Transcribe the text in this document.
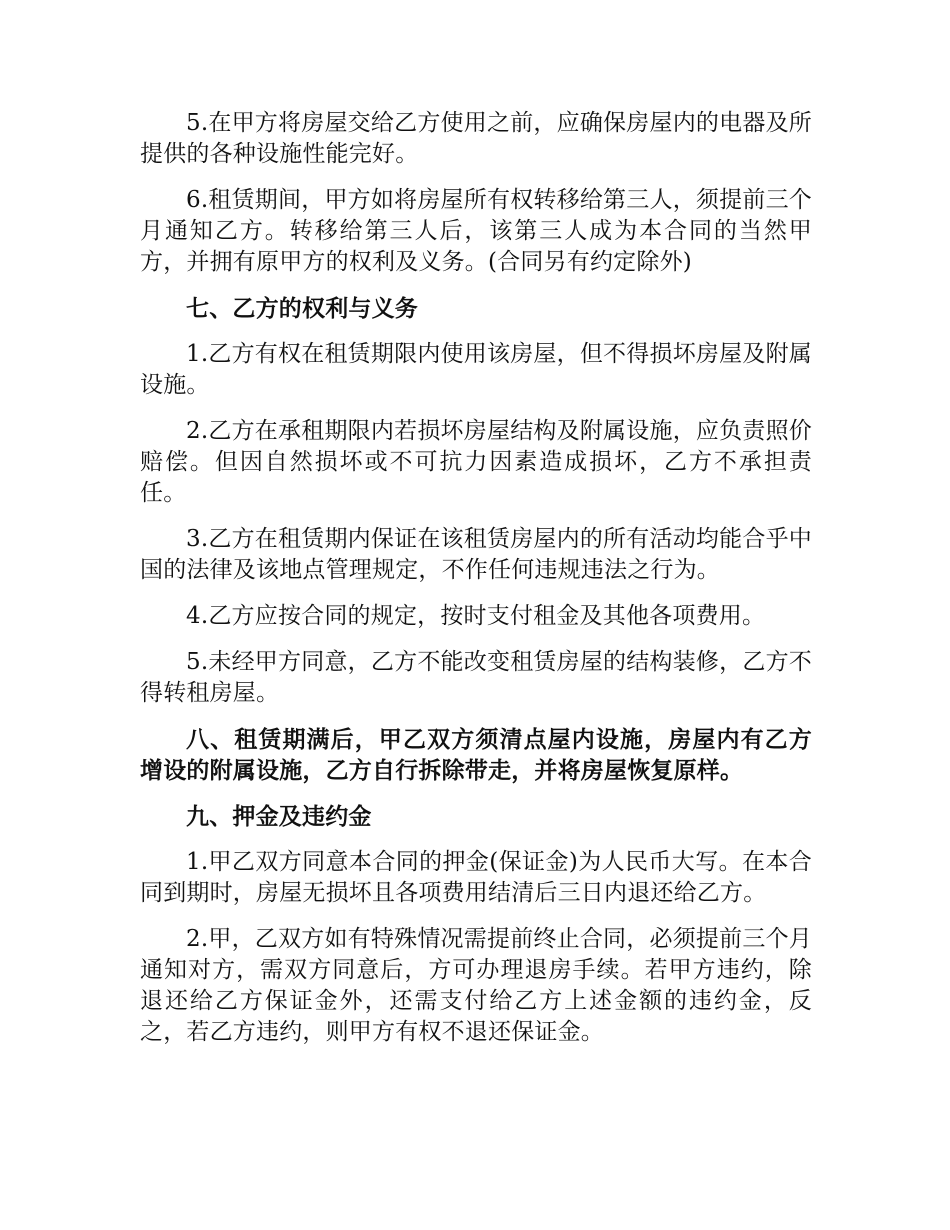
5.在甲方将房屋交给乙方使用之前，应确保房屋内的电器及所提供的各种设施性能完好。

6.租赁期间，甲方如将房屋所有权转移给第三人，须提前三个月通知乙方。转移给第三人后，该第三人成为本合同的当然甲方，并拥有原甲方的权利及义务。(合同另有约定除外)

七、乙方的权利与义务

1.乙方有权在租赁期限内使用该房屋，但不得损坏房屋及附属设施。

2.乙方在承租期限内若损坏房屋结构及附属设施，应负责照价赔偿。但因自然损坏或不可抗力因素造成损坏，乙方不承担责任。

3.乙方在租赁期内保证在该租赁房屋内的所有活动均能合乎中国的法律及该地点管理规定，不作任何违规违法之行为。

4.乙方应按合同的规定，按时支付租金及其他各项费用。

5.未经甲方同意，乙方不能改变租赁房屋的结构装修，乙方不得转租房屋。

八、租赁期满后，甲乙双方须清点屋内设施，房屋内有乙方增设的附属设施，乙方自行拆除带走，并将房屋恢复原样。

九、押金及违约金

1.甲乙双方同意本合同的押金(保证金)为人民币大写。在本合同到期时，房屋无损坏且各项费用结清后三日内退还给乙方。

2.甲，乙双方如有特殊情况需提前终止合同，必须提前三个月通知对方，需双方同意后，方可办理退房手续。若甲方违约，除退还给乙方保证金外，还需支付给乙方上述金额的违约金，反之，若乙方违约，则甲方有权不退还保证金。
